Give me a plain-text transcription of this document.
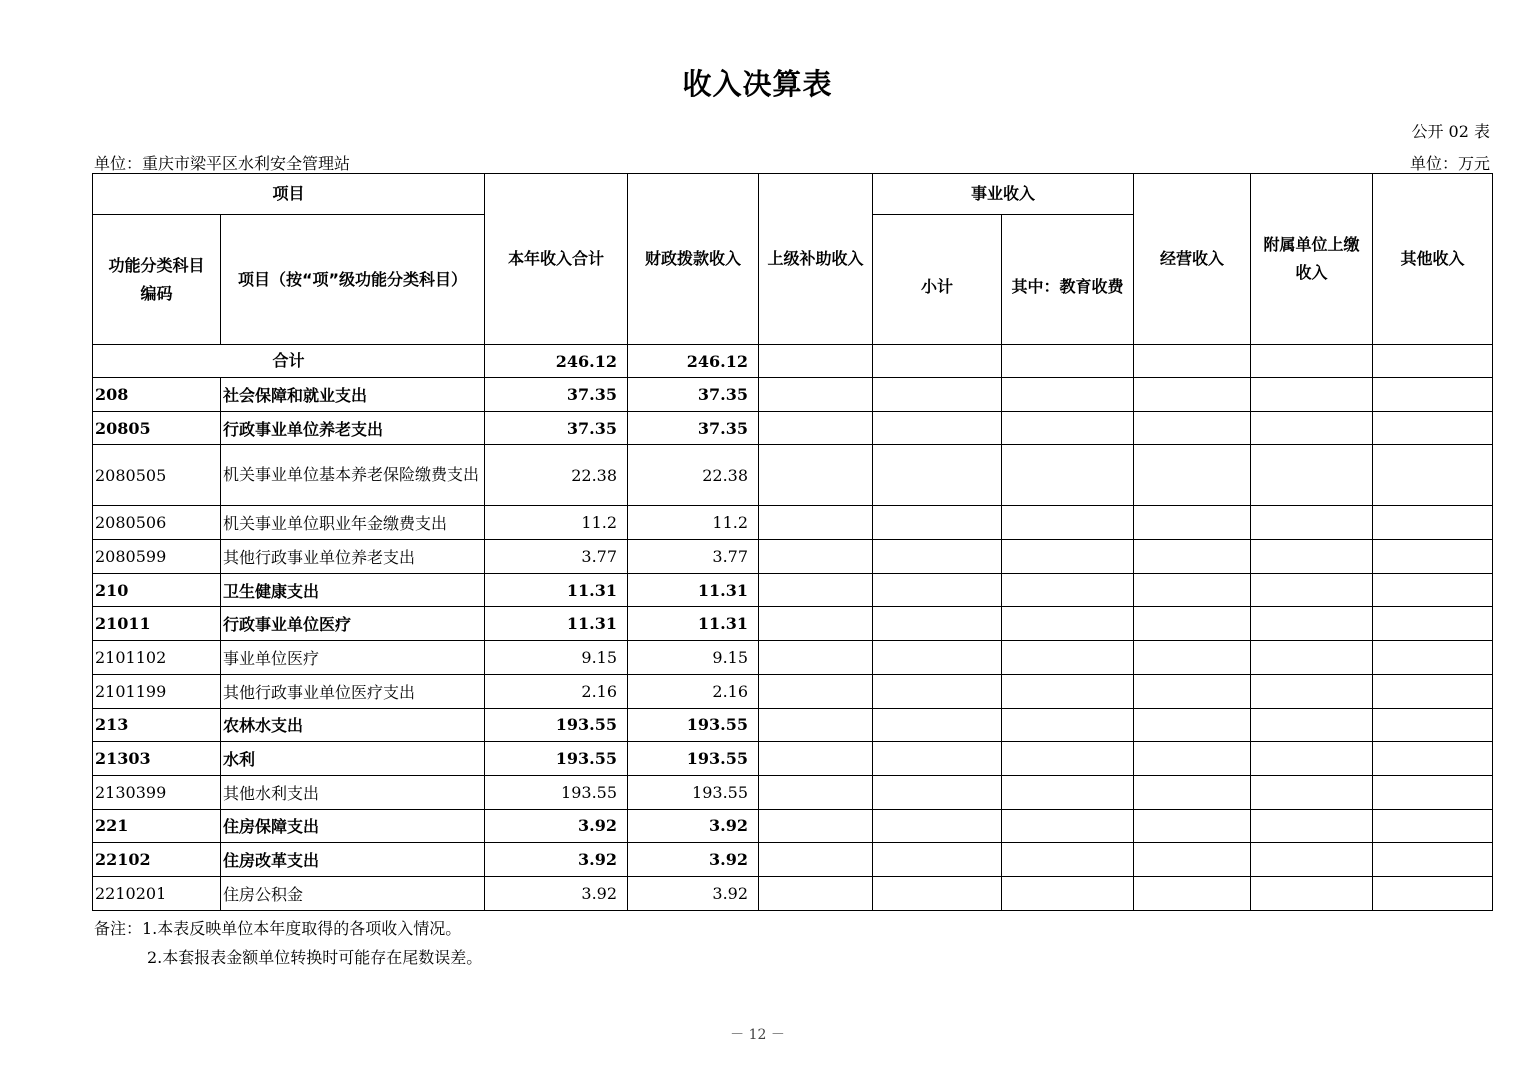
收入决算表
公开 02 表
单位：重庆市梁平区水利安全管理站	单位：万元
项目		本年收入合计	财政拨款收入	上级补助收入	事业收入		经营收入	附属单位上缴收入	其他收入
功能分类科目编码	项目（按“项”级功能分类科目）				小计	其中：教育收费			
合计		246.12	246.12						
208	社会保障和就业支出	37.35	37.35						
20805	行政事业单位养老支出	37.35	37.35						
2080505	机关事业单位基本养老保险缴费支出	22.38	22.38						
2080506	机关事业单位职业年金缴费支出	11.2	11.2						
2080599	其他行政事业单位养老支出	3.77	3.77						
210	卫生健康支出	11.31	11.31						
21011	行政事业单位医疗	11.31	11.31						
2101102	事业单位医疗	9.15	9.15						
2101199	其他行政事业单位医疗支出	2.16	2.16						
213	农林水支出	193.55	193.55						
21303	水利	193.55	193.55						
2130399	其他水利支出	193.55	193.55						
221	住房保障支出	3.92	3.92						
22102	住房改革支出	3.92	3.92						
2210201	住房公积金	3.92	3.92						
备注：1.本表反映单位本年度取得的各项收入情况。
2.本套报表金额单位转换时可能存在尾数误差。
－ 12 －
